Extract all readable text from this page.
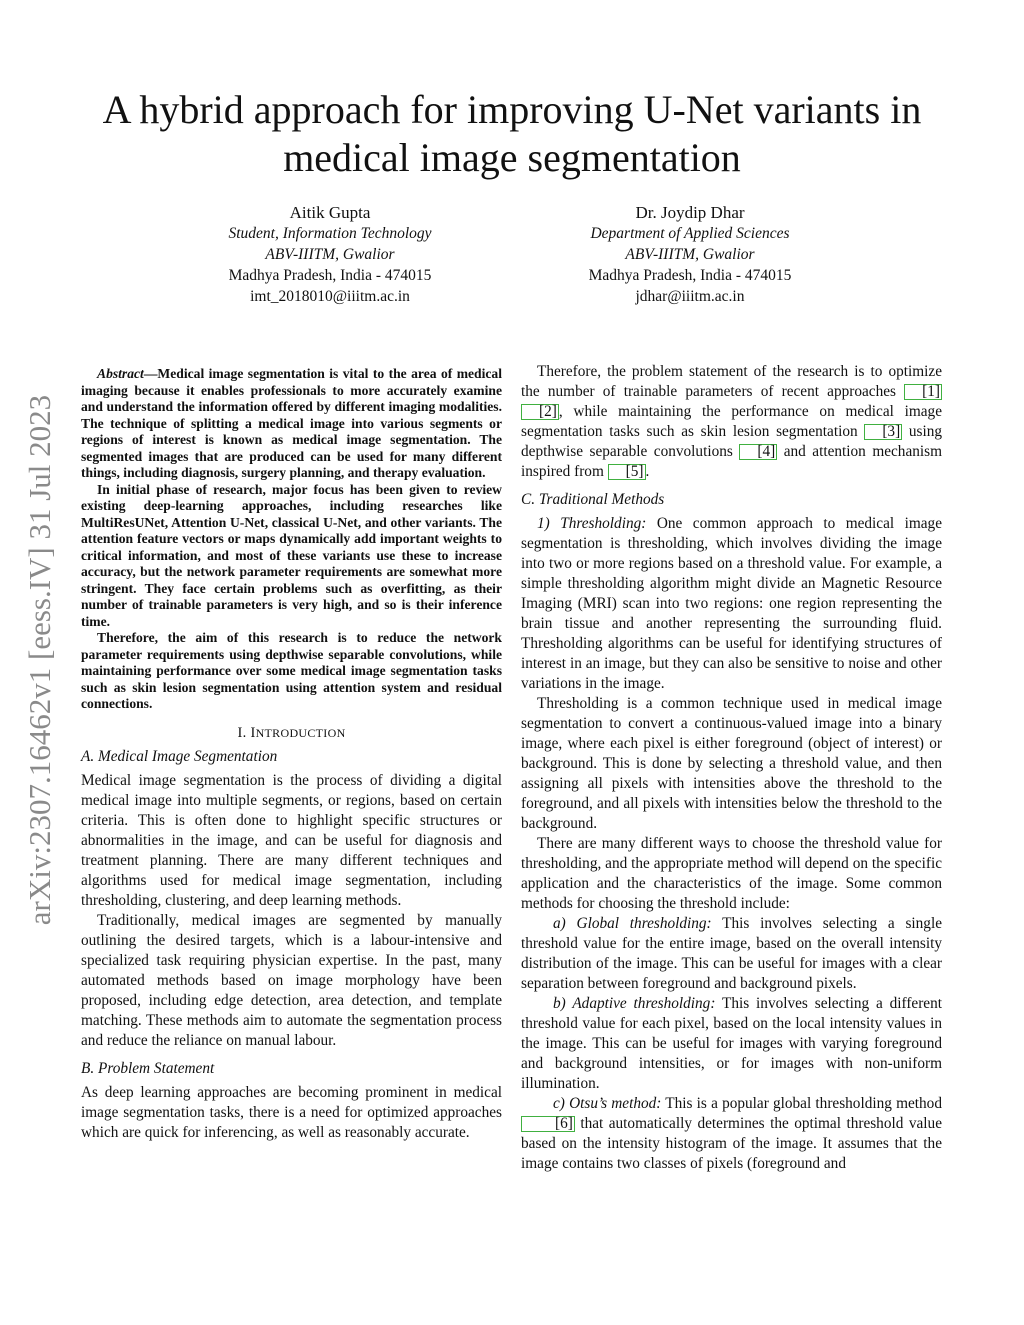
A hybrid approach for improving U-Net variants in
medical image segmentation
Aitik Gupta
Student, Information Technology
ABV-IIITM, Gwalior
Madhya Pradesh, India - 474015
imt_2018010@iiitm.ac.in
Dr. Joydip Dhar
Department of Applied Sciences
ABV-IIITM, Gwalior
Madhya Pradesh, India - 474015
jdhar@iiitm.ac.in
arXiv:2307.16462v1 [eess.IV] 31 Jul 2023
Abstract—Medical image segmentation is vital to the area of medical imaging because it enables professionals to more accurately examine and understand the information offered by different imaging modalities. The technique of splitting a medical image into various segments or regions of interest is known as medical image segmentation. The segmented images that are produced can be used for many different things, including diagnosis, surgery planning, and therapy evaluation.
In initial phase of research, major focus has been given to review existing deep-learning approaches, including researches like MultiResUNet, Attention U-Net, classical U-Net, and other variants. The attention feature vectors or maps dynamically add important weights to critical information, and most of these variants use these to increase accuracy, but the network parameter requirements are somewhat more stringent. They face certain problems such as overfitting, as their number of trainable parameters is very high, and so is their inference time.
Therefore, the aim of this research is to reduce the network parameter requirements using depthwise separable convolutions, while maintaining performance over some medical image segmentation tasks such as skin lesion segmentation using attention system and residual connections.
I. INTRODUCTION
A. Medical Image Segmentation

Medical image segmentation is the process of dividing a digital medical image into multiple segments, or regions, based on certain criteria. This is often done to highlight specific structures or abnormalities in the image, and can be useful for diagnosis and treatment planning. There are many different techniques and algorithms used for medical image segmentation, including thresholding, clustering, and deep learning methods.

Traditionally, medical images are segmented by manually outlining the desired targets, which is a labour-intensive and specialized task requiring physician expertise. In the past, many automated methods based on image morphology have been proposed, including edge detection, area detection, and template matching. These methods aim to automate the segmentation process and reduce the reliance on manual labour.

B. Problem Statement

As deep learning approaches are becoming prominent in medical image segmentation tasks, there is a need for optimized approaches which are quick for inferencing, as well as reasonably accurate.

Therefore, the problem statement of the research is to optimize the number of trainable parameters of recent approaches [1] [2] , while maintaining the performance on medical image segmentation tasks such as skin lesion segmentation [3] using depthwise separable convolutions [4] and attention mechanism inspired from [5] .

C. Traditional Methods

1) Thresholding: One common approach to medical image segmentation is thresholding, which involves dividing the image into two or more regions based on a threshold value. For example, a simple thresholding algorithm might divide an Magnetic Resource Imaging (MRI) scan into two regions: one region representing the brain tissue and another representing the surrounding fluid. Thresholding algorithms can be useful for identifying structures of interest in an image, but they can also be sensitive to noise and other variations in the image.

Thresholding is a common technique used in medical image segmentation to convert a continuous-valued image into a binary image, where each pixel is either foreground (object of interest) or background. This is done by selecting a threshold value, and then assigning all pixels with intensities above the threshold to the foreground, and all pixels with intensities below the threshold to the background.

There are many different ways to choose the threshold value for thresholding, and the appropriate method will depend on the specific application and the characteristics of the image. Some common methods for choosing the threshold include:

a) Global thresholding: This involves selecting a single threshold value for the entire image, based on the overall intensity distribution of the image. This can be useful for images with a clear separation between foreground and background pixels.

b) Adaptive thresholding: This involves selecting a different threshold value for each pixel, based on the local intensity values in the image. This can be useful for images with varying foreground and background intensities, or for images with non-uniform illumination.

c) Otsu’s method: This is a popular global thresholding method [6] that automatically determines the optimal threshold value based on the intensity histogram of the image. It assumes that the image contains two classes of pixels (foreground and
